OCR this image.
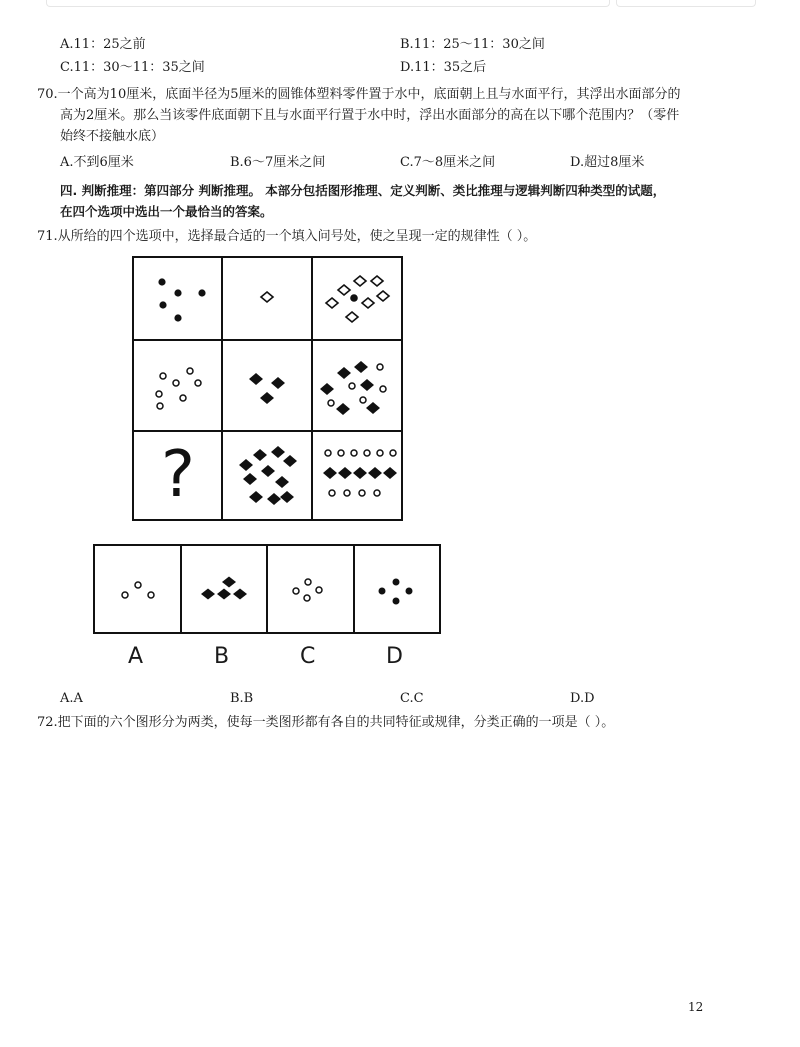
A.11：25之前	B.11：25～11：30之间
C.11：30～11：35之间	D.11：35之后
70.一个高为10厘米，底面半径为5厘米的圆锥体塑料零件置于水中，底面朝上且与水面平行，其浮出水面部分的
高为2厘米。那么当该零件底面朝下且与水面平行置于水中时，浮出水面部分的高在以下哪个范围内？（零件
始终不接触水底）
A.不到6厘米	B.6～7厘米之间	C.7～8厘米之间	D.超过8厘米
四. 判断推理：第四部分 判断推理。 本部分包括图形推理、定义判断、类比推理与逻辑判断四种类型的试题，
在四个选项中选出一个最恰当的答案。
71.从所给的四个选项中，选择最合适的一个填入问号处，使之呈现一定的规律性（ ）。
?
A	B	C	D
A.A	B.B	C.C	D.D
72.把下面的六个图形分为两类，使每一类图形都有各自的共同特征或规律，分类正确的一项是（ ）。
12
